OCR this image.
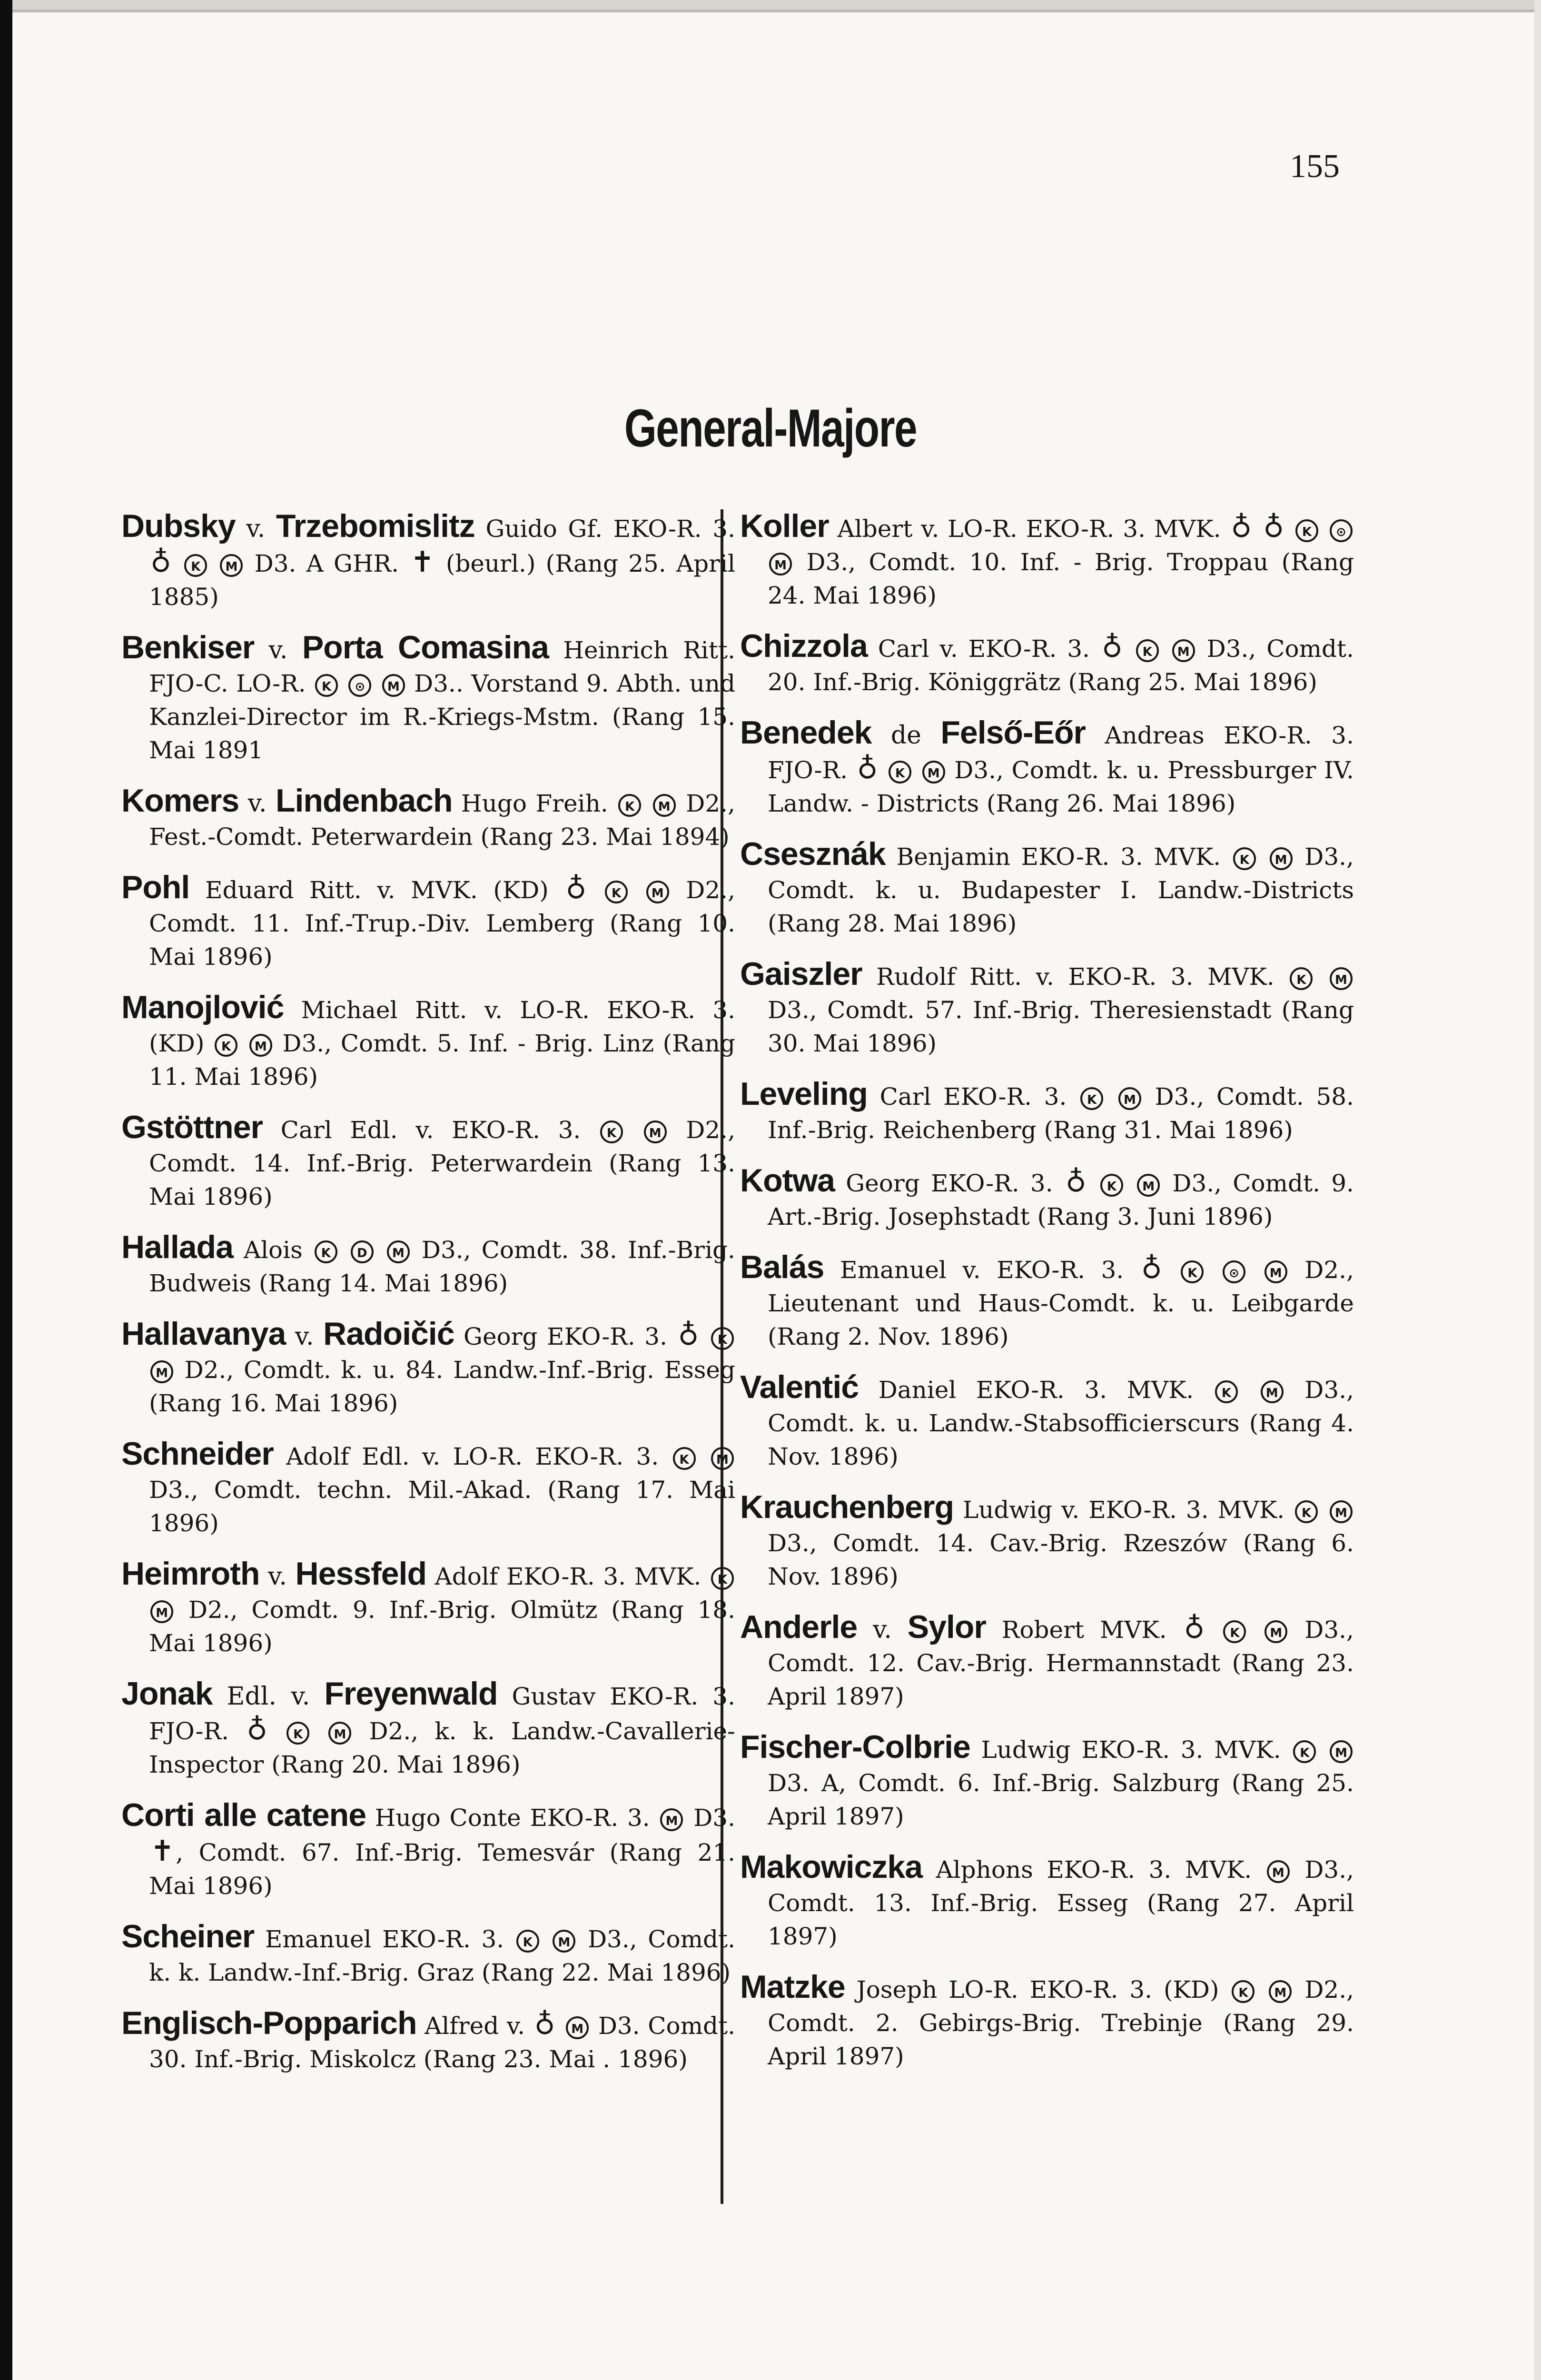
155
General-Majore
Dubsky v. Trzebomislitz Guido Gf. EKO-R. 3. ♁ K M D3. A GHR. ✝ (beurl.) (Rang 25. April 1885)
Benkiser v. Porta Comasina Heinrich Ritt. FJO-C. LO-R. K ⊙ M D3.. Vorstand 9. Abth. und Kanzlei-Director im R.-Kriegs-Mstm. (Rang 15. Mai 1891
Komers v. Lindenbach Hugo Freih. K M D2., Fest.-Comdt. Peterwardein (Rang 23. Mai 1894)
Pohl Eduard Ritt. v. MVK. (KD) ♁ K M D2., Comdt. 11. Inf.-Trup.-Div. Lemberg (Rang 10. Mai 1896)
Manojlović Michael Ritt. v. LO-R. EKO-R. 3. (KD) K M D3., Comdt. 5. Inf. - Brig. Linz (Rang 11. Mai 1896)
Gstöttner Carl Edl. v. EKO-R. 3. K	M D2., Comdt. 14. Inf.-Brig. Peterwardein (Rang 13. Mai 1896)
Hallada Alois K D M D3., Comdt. 38. Inf.-Brig. Budweis (Rang 14. Mai 1896)
Hallavanya v. Radoičić Georg EKO-R. 3. ♁ K M D2., Comdt. k. u. 84. Landw.-Inf.-Brig. Esseg (Rang 16. Mai 1896)
Schneider Adolf Edl. v. LO-R. EKO-R. 3. K M D3., Comdt. techn. Mil.-Akad. (Rang 17. Mai 1896)
Heimroth v. Hessfeld Adolf EKO-R. 3. MVK. K M D2., Comdt. 9. Inf.-Brig. Olmütz (Rang 18. Mai 1896)
Jonak Edl. v. Freyenwald Gustav EKO-R. 3. FJO-R. ♁ K	M D2., k. k. Landw.-Cavallerie-Inspector (Rang 20. Mai 1896)
Corti alle catene Hugo Conte EKO-R. 3. M D3. ✝, Comdt. 67. Inf.-Brig. Temesvár (Rang 21. Mai 1896)
Scheiner Emanuel EKO-R. 3. K M D3., Comdt. k. k. Landw.-Inf.-Brig. Graz (Rang 22. Mai 1896)
Englisch-Popparich Alfred v. ♁ M D3. Comdt. 30. Inf.-Brig. Miskolcz (Rang 23. Mai . 1896)
Koller Albert v. LO-R. EKO-R. 3. MVK. ♁ ♁ K ⊙ M D3., Comdt. 10. Inf. - Brig. Troppau (Rang 24. Mai 1896)
Chizzola Carl v. EKO-R. 3. ♁ K M D3., Comdt. 20. Inf.-Brig. Königgrätz (Rang 25. Mai 1896)
Benedek de Felső-Eőr Andreas EKO-R. 3. FJO-R. ♁ K M D3., Comdt. k. u. Pressburger IV. Landw. - Districts (Rang 26. Mai 1896)
Csesznák Benjamin EKO-R. 3. MVK. K M D3., Comdt. k. u. Budapester I. Landw.-Districts (Rang 28. Mai 1896)
Gaiszler Rudolf Ritt. v. EKO-R. 3. MVK. K M D3., Comdt. 57. Inf.-Brig. Theresienstadt (Rang 30. Mai 1896)
Leveling Carl EKO-R. 3. K M D3., Comdt. 58. Inf.-Brig. Reichenberg (Rang 31. Mai 1896)
Kotwa Georg EKO-R. 3. ♁ K M D3., Comdt. 9. Art.-Brig. Josephstadt (Rang 3. Juni 1896)
Balás Emanuel v. EKO-R. 3. ♁ K	⊙ M D2., Lieutenant und Haus-Comdt. k. u. Leibgarde (Rang 2. Nov. 1896)
Valentić Daniel EKO-R. 3. MVK. K	M D3., Comdt. k. u. Landw.-Stabsofficierscurs (Rang 4. Nov. 1896)
Krauchenberg Ludwig v. EKO-R. 3. MVK. K M D3., Comdt. 14. Cav.-Brig. Rzeszów (Rang 6. Nov. 1896)
Anderle v. Sylor Robert MVK. ♁ K M D3., Comdt. 12. Cav.-Brig. Hermannstadt (Rang 23. April 1897)
Fischer-Colbrie Ludwig EKO-R. 3. MVK. K M D3. A, Comdt. 6. Inf.-Brig. Salzburg (Rang 25. April 1897)
Makowiczka Alphons EKO-R. 3. MVK. M D3., Comdt. 13. Inf.-Brig. Esseg (Rang 27. April 1897)
Matzke Joseph LO-R. EKO-R. 3. (KD) K M D2., Comdt. 2. Gebirgs-Brig. Trebinje (Rang 29. April 1897)
